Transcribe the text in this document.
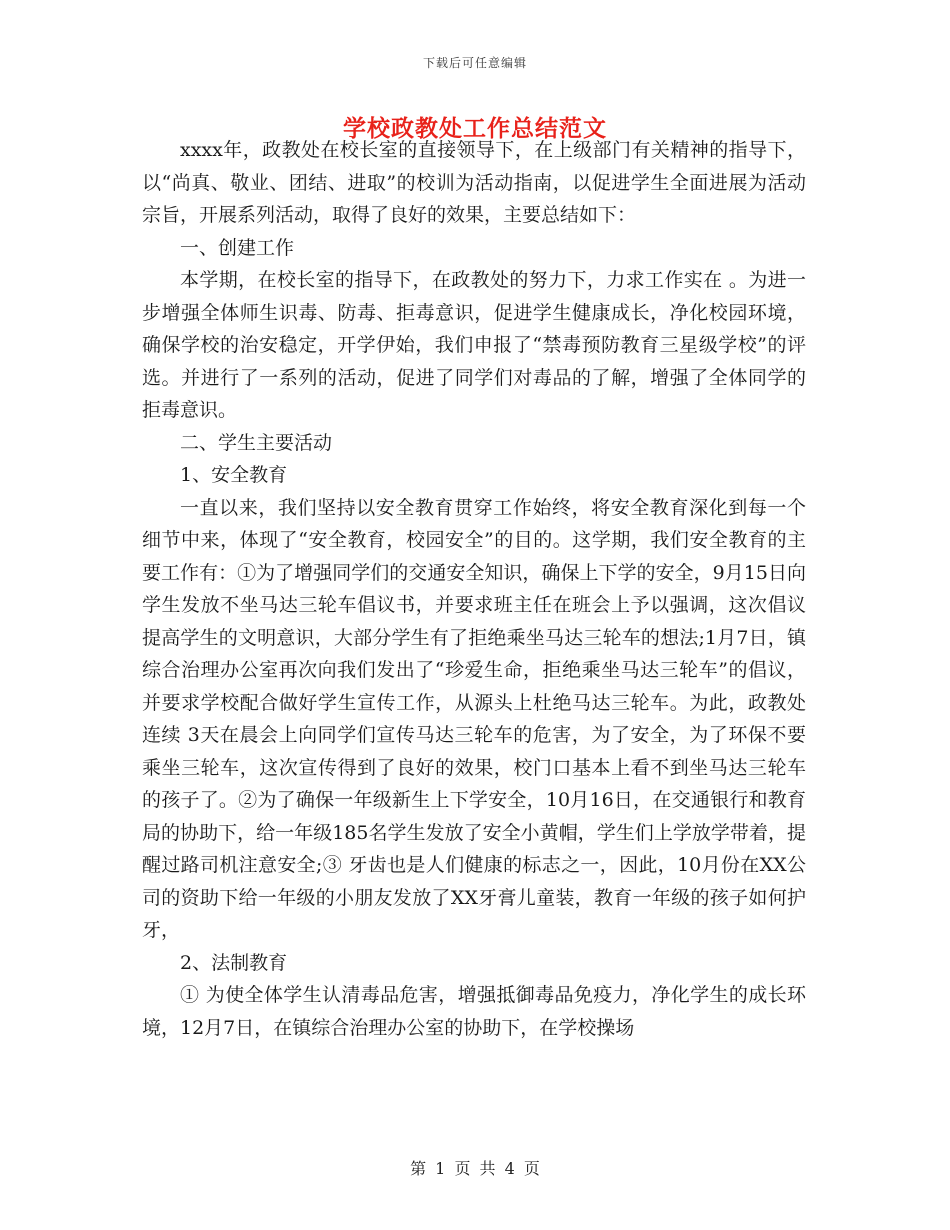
下载后可任意编辑
学校政教处工作总结范文

xxxx年，政教处在校长室的直接领导下，在上级部门有关精神的指导下，以“尚真、敬业、团结、进取”的校训为活动指南，以促进学生全面进展为活动宗旨，开展系列活动，取得了良好的效果，主要总结如下：

一、创建工作

本学期，在校长室的指导下，在政教处的努力下，力求工作实在 。为进一步增强全体师生识毒、防毒、拒毒意识，促进学生健康成长，净化校园环境，确保学校的治安稳定，开学伊始，我们申报了“禁毒预防教育三星级学校”的评选。并进行了一系列的活动，促进了同学们对毒品的了解，增强了全体同学的拒毒意识。

二、学生主要活动

1、安全教育

一直以来，我们坚持以安全教育贯穿工作始终，将安全教育深化到每一个细节中来，体现了“安全教育，校园安全”的目的。这学期，我们安全教育的主要工作有：①为了增强同学们的交通安全知识，确保上下学的安全，9月15日向学生发放不坐马达三轮车倡议书，并要求班主任在班会上予以强调，这次倡议提高学生的文明意识，大部分学生有了拒绝乘坐马达三轮车的想法;1月7日，镇综合治理办公室再次向我们发出了“珍爱生命，拒绝乘坐马达三轮车”的倡议，并要求学校配合做好学生宣传工作，从源头上杜绝马达三轮车。为此，政教处连续 3天在晨会上向同学们宣传马达三轮车的危害，为了安全，为了环保不要乘坐三轮车，这次宣传得到了良好的效果，校门口基本上看不到坐马达三轮车的孩子了。②为了确保一年级新生上下学安全，10月16日，在交通银行和教育局的协助下，给一年级185名学生发放了安全小黄帽，学生们上学放学带着，提醒过路司机注意安全;③ 牙齿也是人们健康的标志之一，因此，10月份在XX公司的资助下给一年级的小朋友发放了XX牙膏儿童装，教育一年级的孩子如何护牙，

2、法制教育

① 为使全体学生认清毒品危害，增强抵御毒品免疫力，净化学生的成长环境，12月7日，在镇综合治理办公室的协助下，在学校操场

第 1 页 共 4 页
